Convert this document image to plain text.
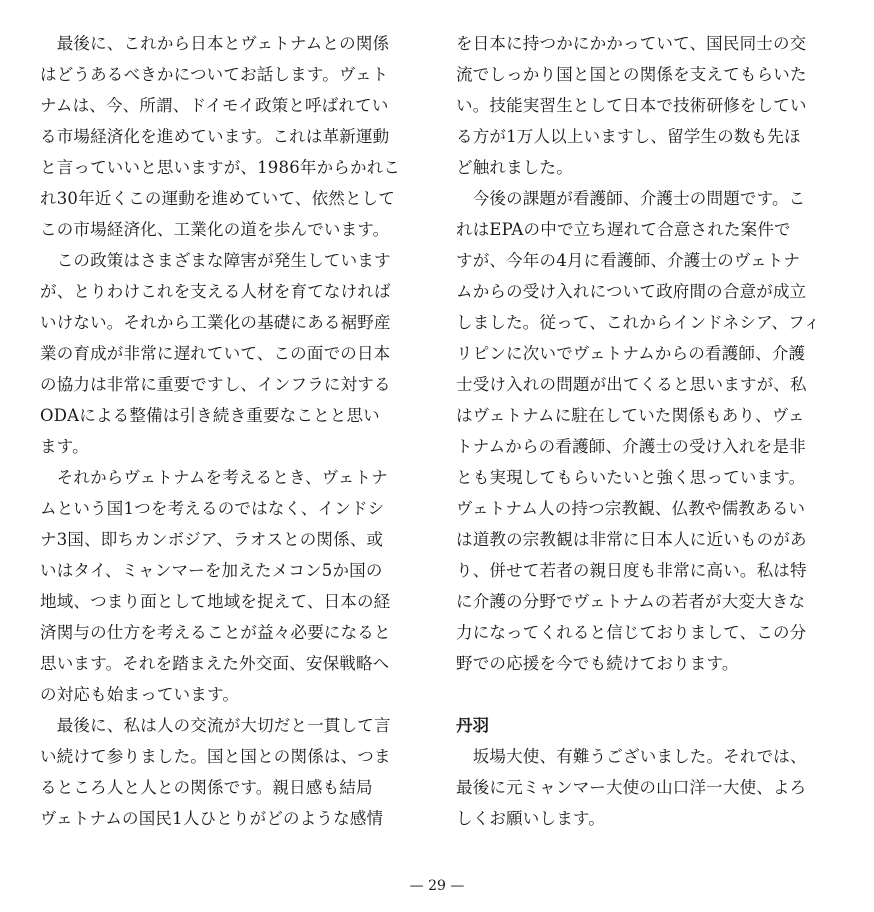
　最後に、これから日本とヴェトナムとの関係
はどうあるべきかについてお話します。ヴェト
ナムは、今、所謂、ドイモイ政策と呼ばれてい
る市場経済化を進めています。これは革新運動
と言っていいと思いますが、1986年からかれこ
れ30年近くこの運動を進めていて、依然として
この市場経済化、工業化の道を歩んでいます。
　この政策はさまざまな障害が発生しています
が、とりわけこれを支える人材を育てなければ
いけない。それから工業化の基礎にある裾野産
業の育成が非常に遅れていて、この面での日本
の協力は非常に重要ですし、インフラに対する
ODAによる整備は引き続き重要なことと思い
ます。
　それからヴェトナムを考えるとき、ヴェトナ
ムという国1つを考えるのではなく、インドシ
ナ3国、即ちカンボジア、ラオスとの関係、或
いはタイ、ミャンマーを加えたメコン5か国の
地域、つまり面として地域を捉えて、日本の経
済関与の仕方を考えることが益々必要になると
思います。それを踏まえた外交面、安保戦略へ
の対応も始まっています。
　最後に、私は人の交流が大切だと一貫して言
い続けて参りました。国と国との関係は、つま
るところ人と人との関係です。親日感も結局
ヴェトナムの国民1人ひとりがどのような感情
を日本に持つかにかかっていて、国民同士の交
流でしっかり国と国との関係を支えてもらいた
い。技能実習生として日本で技術研修をしてい
る方が1万人以上いますし、留学生の数も先ほ
ど触れました。
　今後の課題が看護師、介護士の問題です。こ
れはEPAの中で立ち遅れて合意された案件で
すが、今年の4月に看護師、介護士のヴェトナ
ムからの受け入れについて政府間の合意が成立
しました。従って、これからインドネシア、フィ
リピンに次いでヴェトナムからの看護師、介護
士受け入れの問題が出てくると思いますが、私
はヴェトナムに駐在していた関係もあり、ヴェ
トナムからの看護師、介護士の受け入れを是非
とも実現してもらいたいと強く思っています。
ヴェトナム人の持つ宗教観、仏教や儒教あるい
は道教の宗教観は非常に日本人に近いものがあ
り、併せて若者の親日度も非常に高い。私は特
に介護の分野でヴェトナムの若者が大変大きな
力になってくれると信じておりまして、この分
野での応援を今でも続けております。
丹羽
　坂場大使、有難うございました。それでは、
最後に元ミャンマー大使の山口洋一大使、よろ
しくお願いします。
— 29 —
